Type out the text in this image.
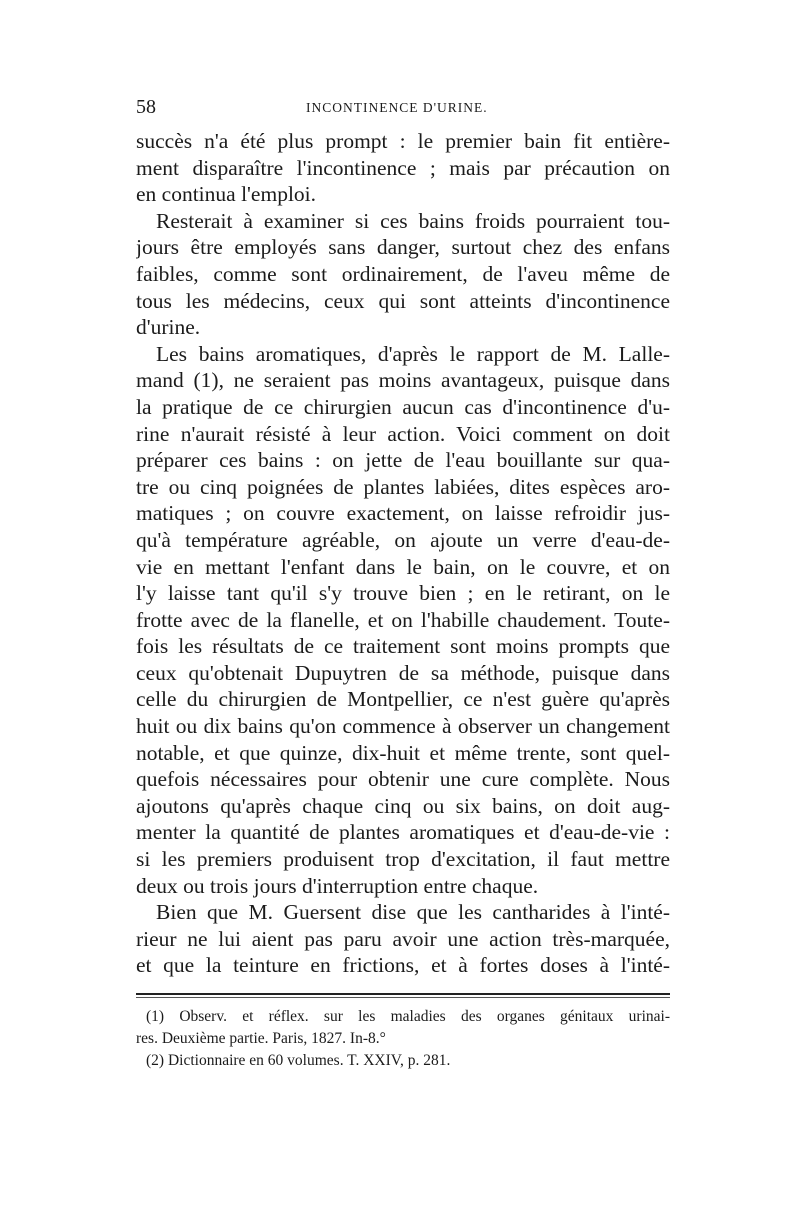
58	INCONTINENCE D'URINE.
succès n'a été plus prompt : le premier bain fit entière-
ment disparaître l'incontinence ; mais par précaution on
en continua l'emploi.
Resterait à examiner si ces bains froids pourraient tou-
jours être employés sans danger, surtout chez des enfans
faibles, comme sont ordinairement, de l'aveu même de
tous les médecins, ceux qui sont atteints d'incontinence
d'urine.
Les bains aromatiques, d'après le rapport de M. Lalle-
mand (1), ne seraient pas moins avantageux, puisque dans
la pratique de ce chirurgien aucun cas d'incontinence d'u-
rine n'aurait résisté à leur action. Voici comment on doit
préparer ces bains : on jette de l'eau bouillante sur qua-
tre ou cinq poignées de plantes labiées, dites espèces aro-
matiques ; on couvre exactement, on laisse refroidir jus-
qu'à température agréable, on ajoute un verre d'eau-de-
vie en mettant l'enfant dans le bain, on le couvre, et on
l'y laisse tant qu'il s'y trouve bien ; en le retirant, on le
frotte avec de la flanelle, et on l'habille chaudement. Toute-
fois les résultats de ce traitement sont moins prompts que
ceux qu'obtenait Dupuytren de sa méthode, puisque dans
celle du chirurgien de Montpellier, ce n'est guère qu'après
huit ou dix bains qu'on commence à observer un changement
notable, et que quinze, dix-huit et même trente, sont quel-
quefois nécessaires pour obtenir une cure complète. Nous
ajoutons qu'après chaque cinq ou six bains, on doit aug-
menter la quantité de plantes aromatiques et d'eau-de-vie :
si les premiers produisent trop d'excitation, il faut mettre
deux ou trois jours d'interruption entre chaque.
Bien que M. Guersent dise que les cantharides à l'inté-
rieur ne lui aient pas paru avoir une action très-marquée,
et que la teinture en frictions, et à fortes doses à l'inté-
(1) Observ. et réflex. sur les maladies des organes génitaux urinai-
res. Deuxième partie. Paris, 1827. In-8.°
(2) Dictionnaire en 60 volumes. T. XXIV, p. 281.
